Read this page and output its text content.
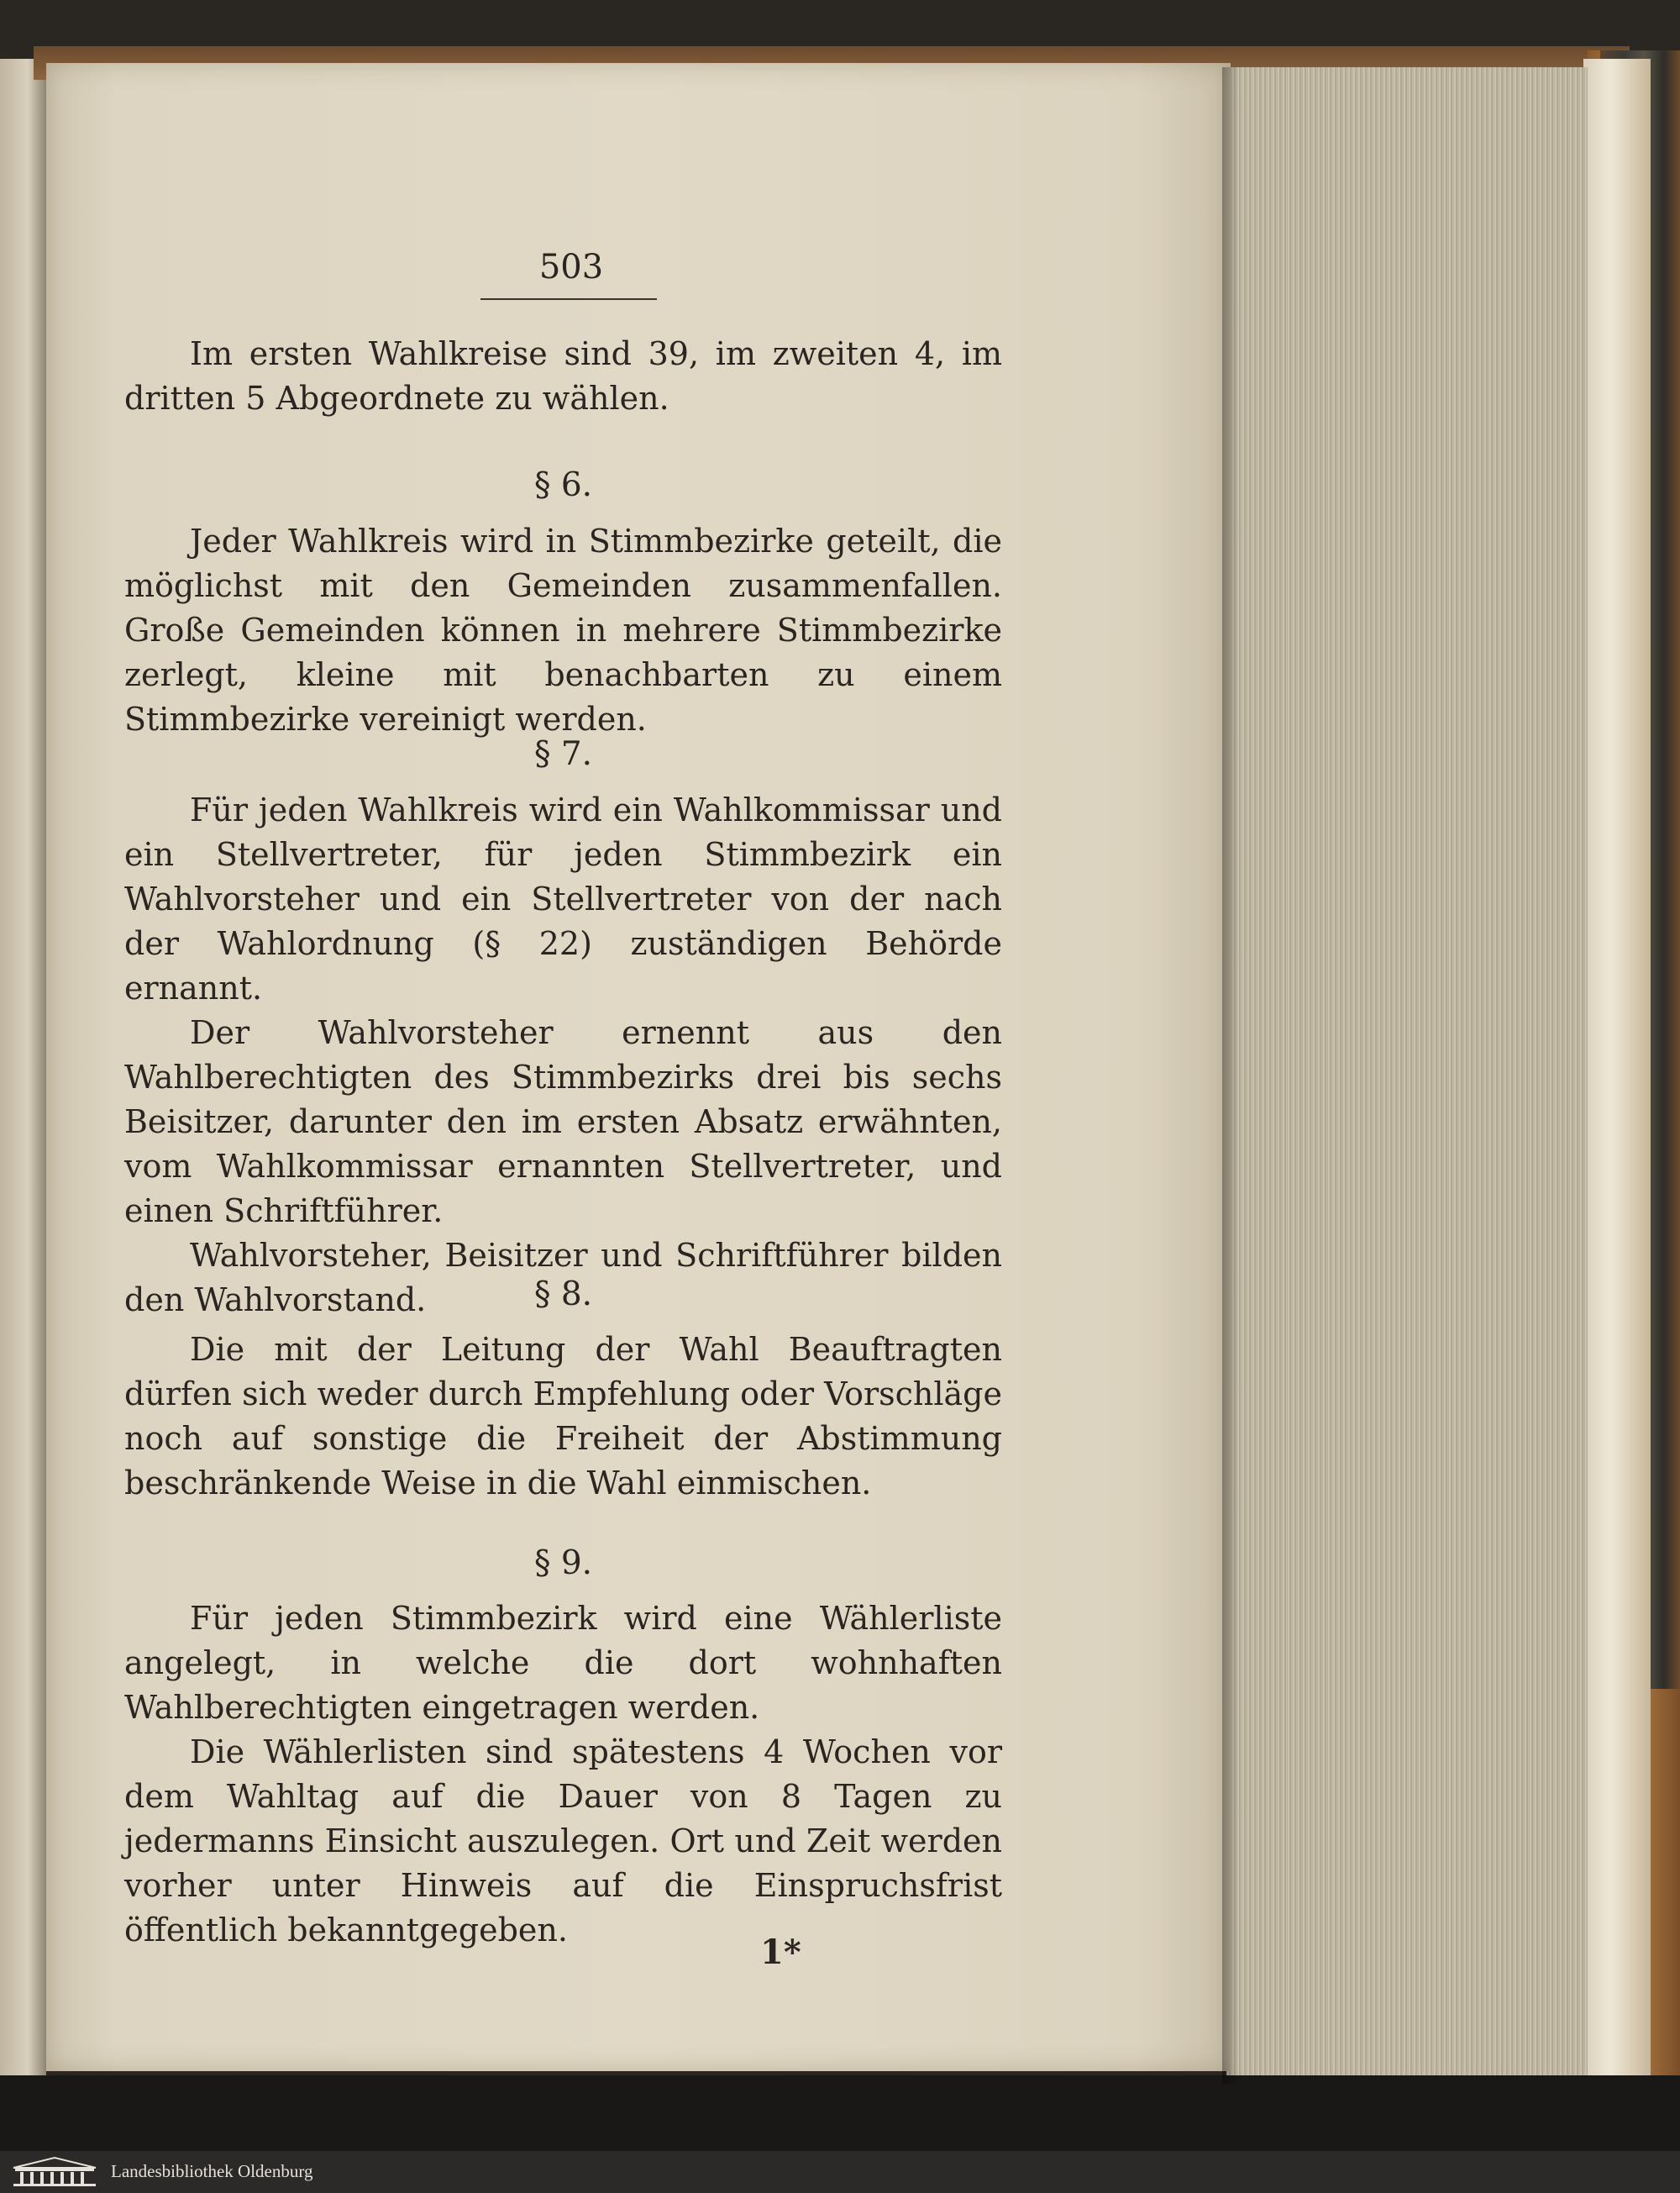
503

Im ersten Wahlkreise sind 39, im zweiten 4, im dritten 5 Abgeordnete zu wählen.

§ 6.

Jeder Wahlkreis wird in Stimmbezirke geteilt, die möglichst mit den Gemeinden zusammenfallen. Große Gemeinden können in mehrere Stimmbezirke zerlegt, kleine mit benachbarten zu einem Stimmbezirke vereinigt werden.

§ 7.

Für jeden Wahlkreis wird ein Wahlkommissar und ein Stellvertreter, für jeden Stimmbezirk ein Wahlvorsteher und ein Stellvertreter von der nach der Wahlordnung (§ 22) zuständigen Behörde ernannt.

Der Wahlvorsteher ernennt aus den Wahlberechtigten des Stimmbezirks drei bis sechs Beisitzer, darunter den im ersten Absatz erwähnten, vom Wahlkommissar ernannten Stellvertreter, und einen Schriftführer.

Wahlvorsteher, Beisitzer und Schriftführer bilden den Wahlvorstand.	§ 8.

Die mit der Leitung der Wahl Beauftragten dürfen sich weder durch Empfehlung oder Vorschläge noch auf sonstige die Freiheit der Abstimmung beschränkende Weise in die Wahl einmischen.

§ 9.

Für jeden Stimmbezirk wird eine Wählerliste angelegt, in welche die dort wohnhaften Wahlberechtigten eingetragen werden.

Die Wählerlisten sind spätestens 4 Wochen vor dem Wahltag auf die Dauer von 8 Tagen zu jedermanns Einsicht auszulegen. Ort und Zeit werden vorher unter Hinweis auf die Einspruchsfrist öffentlich bekanntgegeben.

1*
Landesbibliothek Oldenburg
